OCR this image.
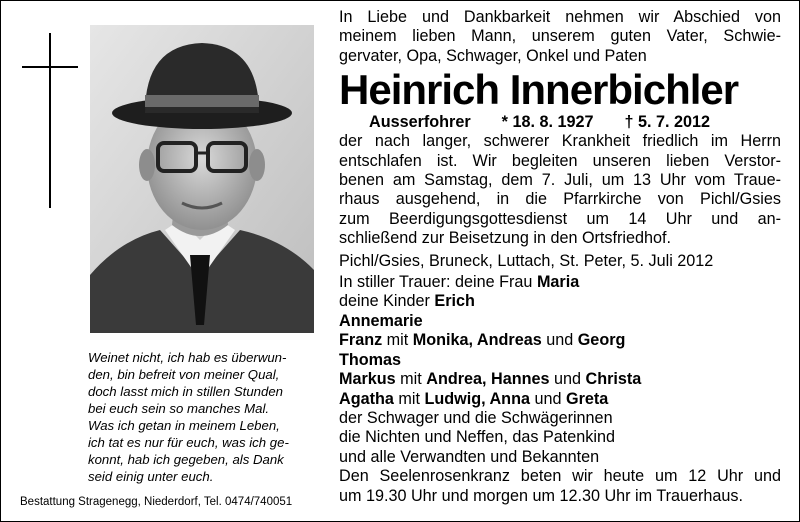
Weinet nicht, ich hab es überwun-
den, bin befreit von meiner Qual,
doch lasst mich in stillen Stunden
bei euch sein so manches Mal.
Was ich getan in meinem Leben,
ich tat es nur für euch, was ich ge-
konnt, hab ich gegeben, als Dank
seid einig unter euch.
Bestattung Stragenegg, Niederdorf, Tel. 0474/740051
In Liebe und Dankbarkeit nehmen wir Abschied von
meinem lieben Mann, unserem guten Vater, Schwie-
gervater, Opa, Schwager, Onkel und Paten
Heinrich Innerbichler
Ausserfohrer * 18. 8. 1927 † 5. 7. 2012
der nach langer, schwerer Krankheit friedlich im Herrn
entschlafen ist. Wir begleiten unseren lieben Verstor-
benen am Samstag, dem 7. Juli, um 13 Uhr vom Traue-
rhaus ausgehend, in die Pfarrkirche von Pichl/Gsies
zum Beerdigungsgottesdienst um 14 Uhr und an-
schließend zur Beisetzung in den Ortsfriedhof.
Pichl/Gsies, Bruneck, Luttach, St. Peter, 5. Juli 2012
In stiller Trauer: deine Frau Maria
deine Kinder Erich
Annemarie
Franz mit Monika, Andreas und Georg
Thomas
Markus mit Andrea, Hannes und Christa
Agatha mit Ludwig, Anna und Greta
der Schwager und die Schwägerinnen
die Nichten und Neffen, das Patenkind
und alle Verwandten und Bekannten
Den Seelenrosenkranz beten wir heute um 12 Uhr und
um 19.30 Uhr und morgen um 12.30 Uhr im Trauerhaus.
